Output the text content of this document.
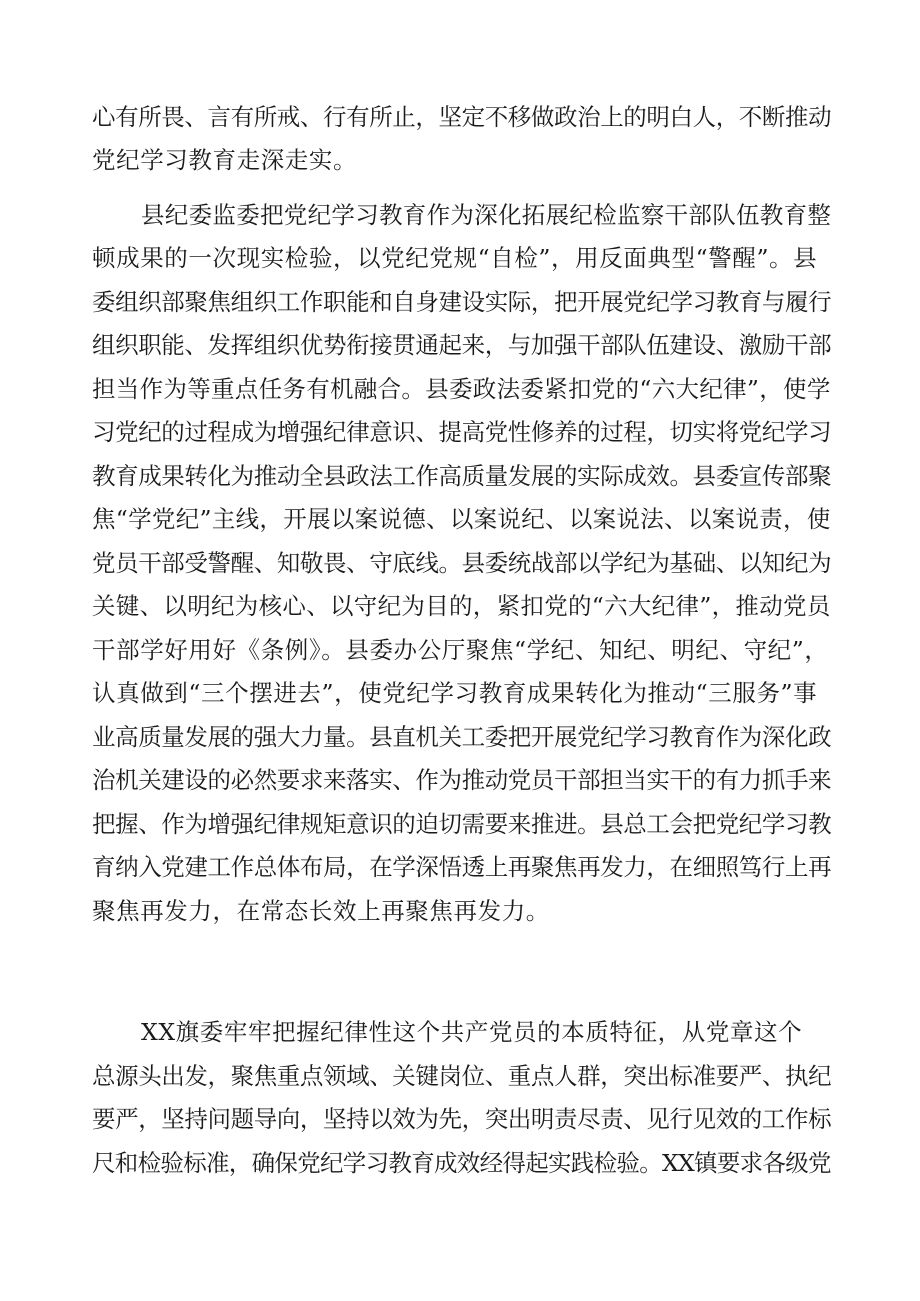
心有所畏、言有所戒、行有所止，坚定不移做政治上的明白人，不断推动

党纪学习教育走深走实。

县纪委监委把党纪学习教育作为深化拓展纪检监察干部队伍教育整

顿成果的一次现实检验，以党纪党规“自检”，用反面典型“警醒”。县

委组织部聚焦组织工作职能和自身建设实际，把开展党纪学习教育与履行

组织职能、发挥组织优势衔接贯通起来，与加强干部队伍建设、激励干部

担当作为等重点任务有机融合。县委政法委紧扣党的“六大纪律”，使学

习党纪的过程成为增强纪律意识、提高党性修养的过程，切实将党纪学习

教育成果转化为推动全县政法工作高质量发展的实际成效。县委宣传部聚

焦“学党纪”主线，开展以案说德、以案说纪、以案说法、以案说责，使

党员干部受警醒、知敬畏、守底线。县委统战部以学纪为基础、以知纪为

关键、以明纪为核心、以守纪为目的，紧扣党的“六大纪律”，推动党员

干部学好用好《条例》。县委办公厅聚焦“学纪、知纪、明纪、守纪”，

认真做到“三个摆进去”，使党纪学习教育成果转化为推动“三服务”事

业高质量发展的强大力量。县直机关工委把开展党纪学习教育作为深化政

治机关建设的必然要求来落实、作为推动党员干部担当实干的有力抓手来

把握、作为增强纪律规矩意识的迫切需要来推进。县总工会把党纪学习教

育纳入党建工作总体布局，在学深悟透上再聚焦再发力，在细照笃行上再

聚焦再发力，在常态长效上再聚焦再发力。

XX旗委牢牢把握纪律性这个共产党员的本质特征，从党章这个

总源头出发，聚焦重点领域、关键岗位、重点人群，突出标准要严、执纪

要严，坚持问题导向，坚持以效为先，突出明责尽责、见行见效的工作标

尺和检验标准，确保党纪学习教育成效经得起实践检验。XX镇要求各级党
